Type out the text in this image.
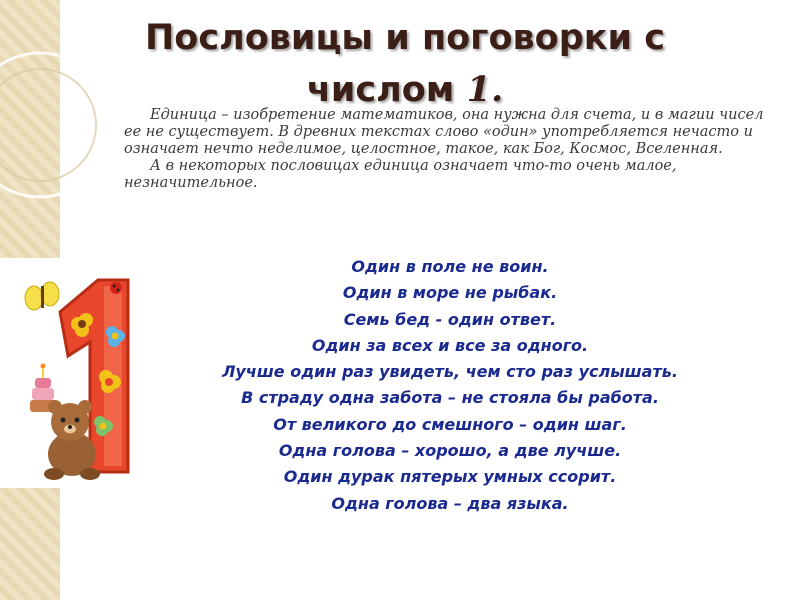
Пословицы и поговорки с
числом 1.

Единица – изобретение математиков, она нужна для счета, и в магии чисел ее не существует. В древних текстах слово «один» употребляется нечасто и означает нечто неделимое, целостное, такое, как Бог, Космос, Вселенная.

А в некоторых пословицах единица означает что-то очень малое, незначительное.

Один в поле не воин.
Один в море не рыбак.
Семь бед - один ответ.
Один за всех и все за одного.
Лучше один раз увидеть, чем сто раз услышать.
В страду одна забота – не стояла бы работа.
От великого до смешного – один шаг.
Одна голова – хорошо, а две лучше.
Один дурак пятерых умных ссорит.
Одна голова – два языка.
